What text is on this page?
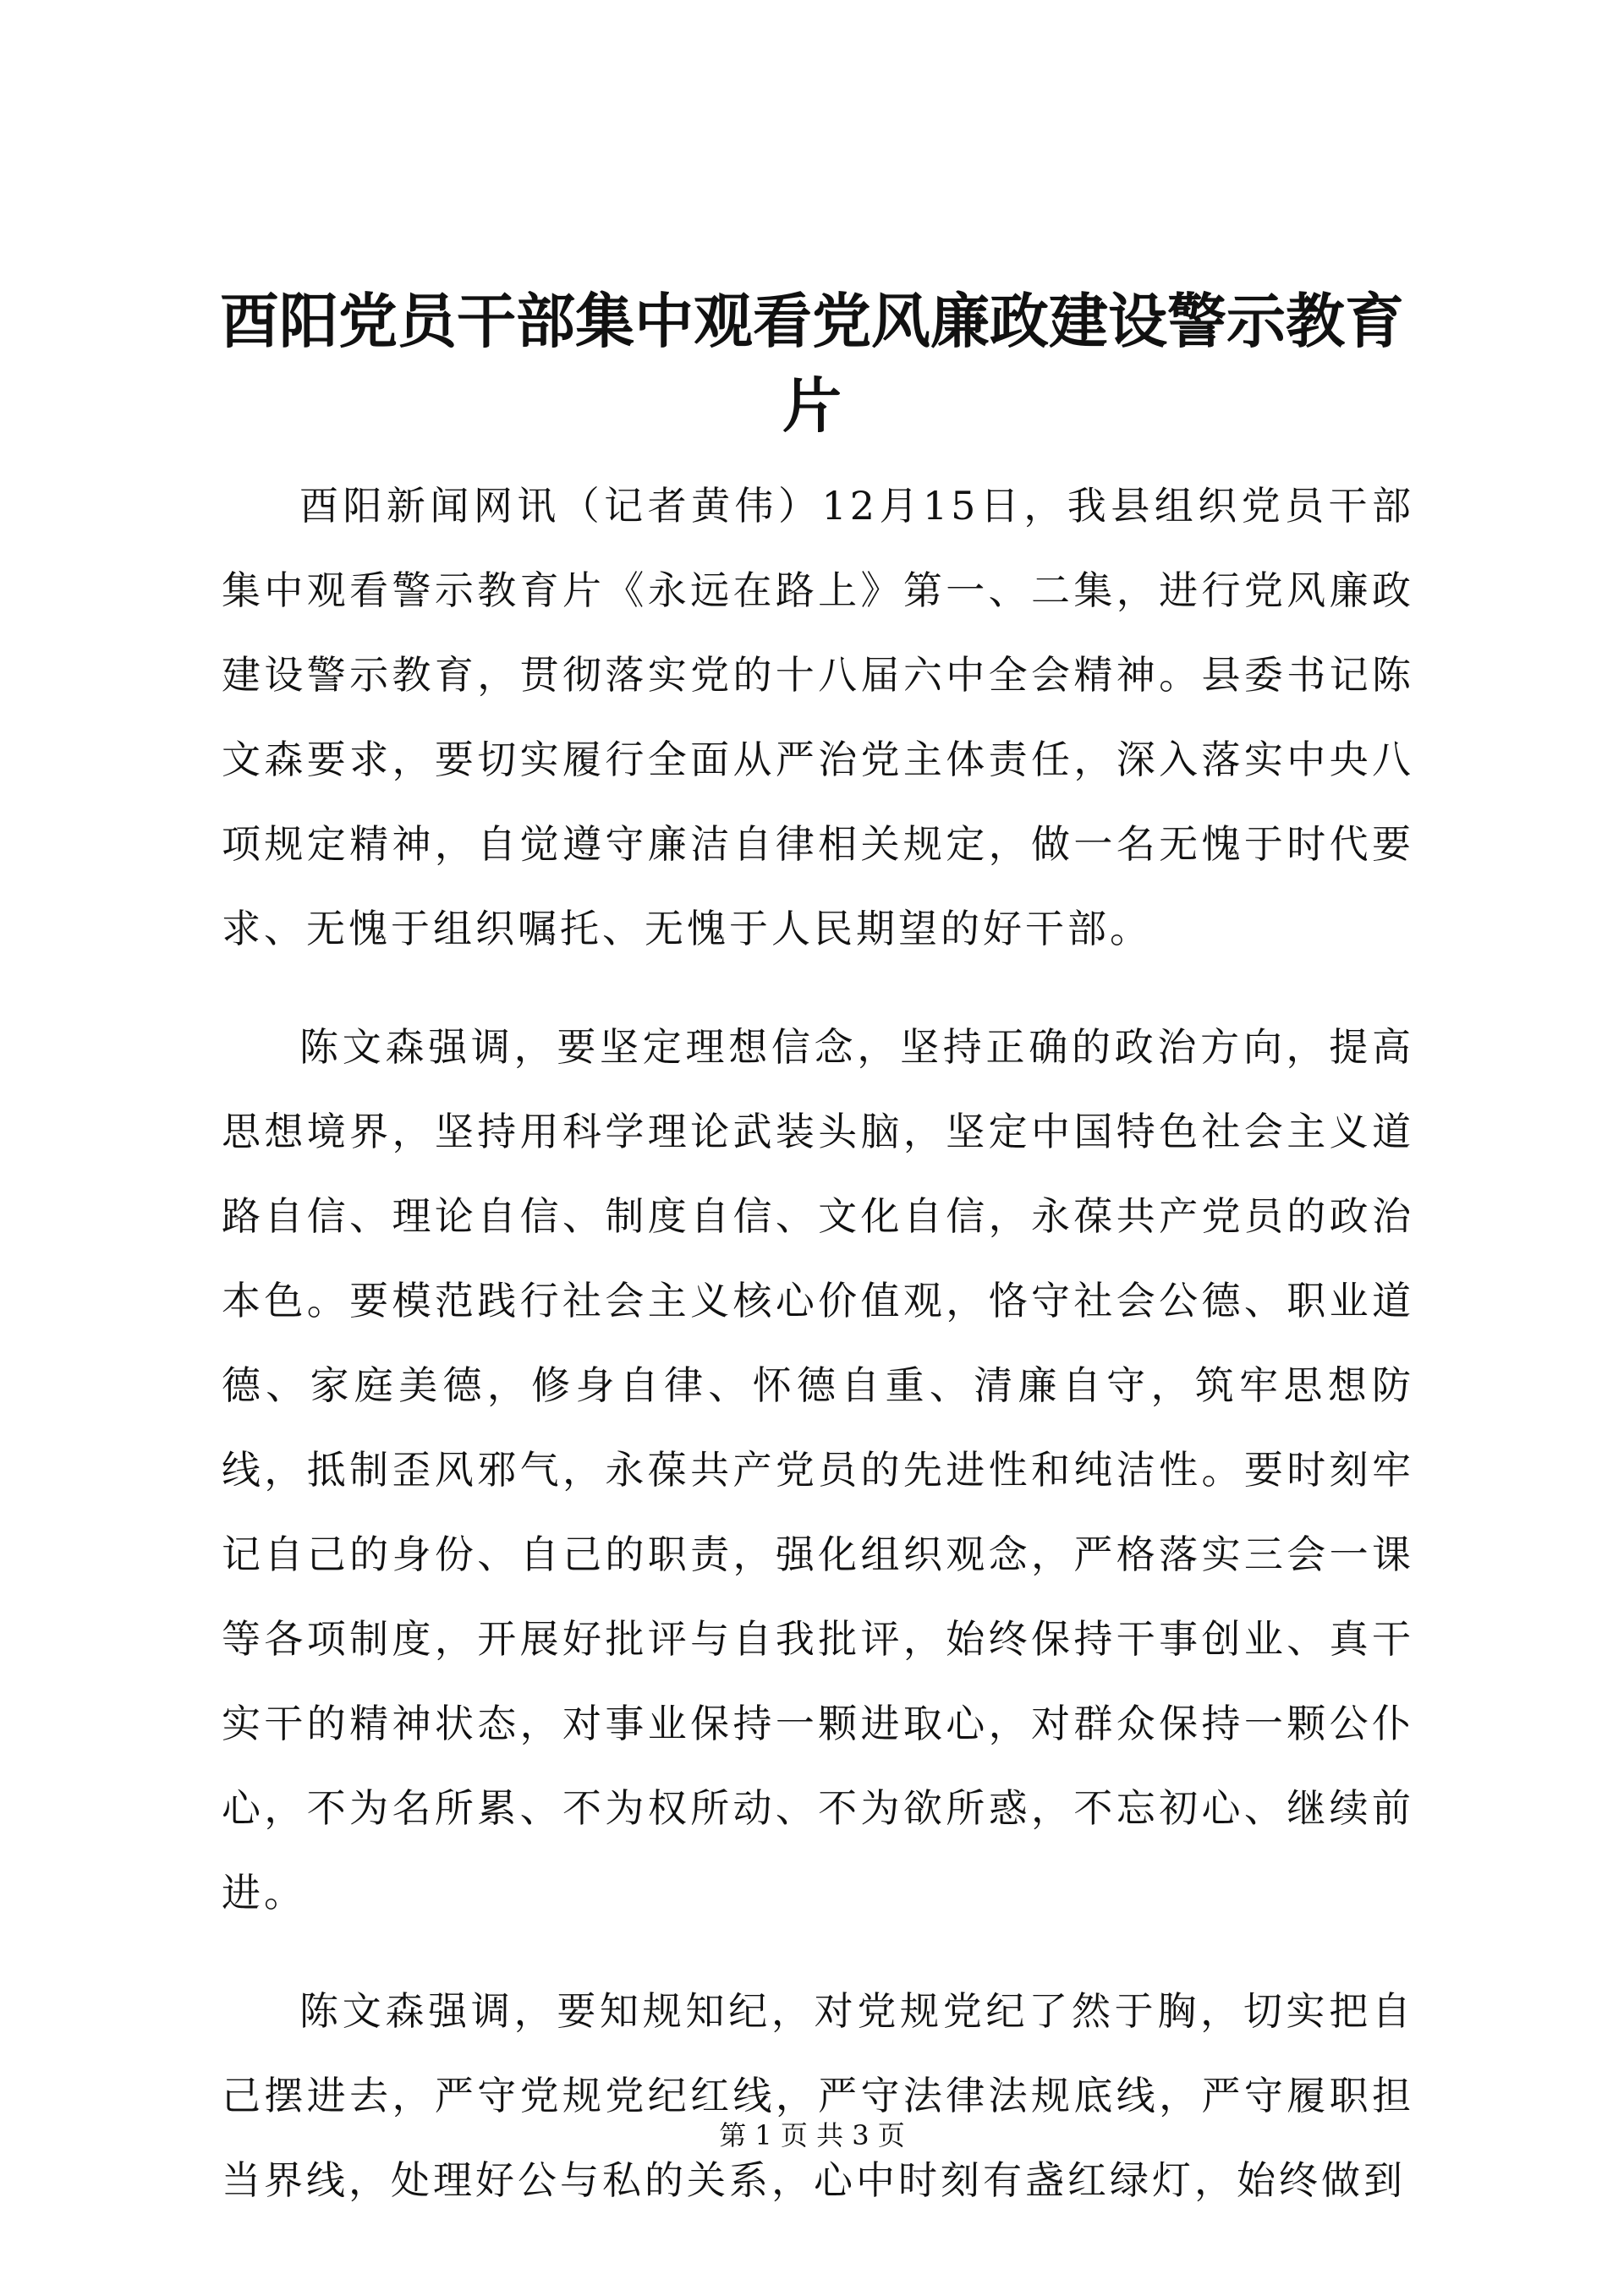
酉阳党员干部集中观看党风廉政建设警示教育片

酉阳新闻网讯（记者黄伟）12月15日，我县组织党员干部集中观看警示教育片《永远在路上》第一、二集，进行党风廉政建设警示教育，贯彻落实党的十八届六中全会精神。县委书记陈文森要求，要切实履行全面从严治党主体责任，深入落实中央八项规定精神，自觉遵守廉洁自律相关规定，做一名无愧于时代要求、无愧于组织嘱托、无愧于人民期望的好干部。

陈文森强调，要坚定理想信念，坚持正确的政治方向，提高思想境界，坚持用科学理论武装头脑，坚定中国特色社会主义道路自信、理论自信、制度自信、文化自信，永葆共产党员的政治本色。要模范践行社会主义核心价值观，恪守社会公德、职业道德、家庭美德，修身自律、怀德自重、清廉自守，筑牢思想防线，抵制歪风邪气，永葆共产党员的先进性和纯洁性。要时刻牢记自己的身份、自己的职责，强化组织观念，严格落实三会一课等各项制度，开展好批评与自我批评，始终保持干事创业、真干实干的精神状态，对事业保持一颗进取心，对群众保持一颗公仆心，不为名所累、不为权所动、不为欲所惑，不忘初心、继续前进。

陈文森强调，要知规知纪，对党规党纪了然于胸，切实把自己摆进去，严守党规党纪红线，严守法律法规底线，严守履职担当界线，处理好公与私的关系，心中时刻有盏红绿灯，始终做到

第 1 页 共 3 页
